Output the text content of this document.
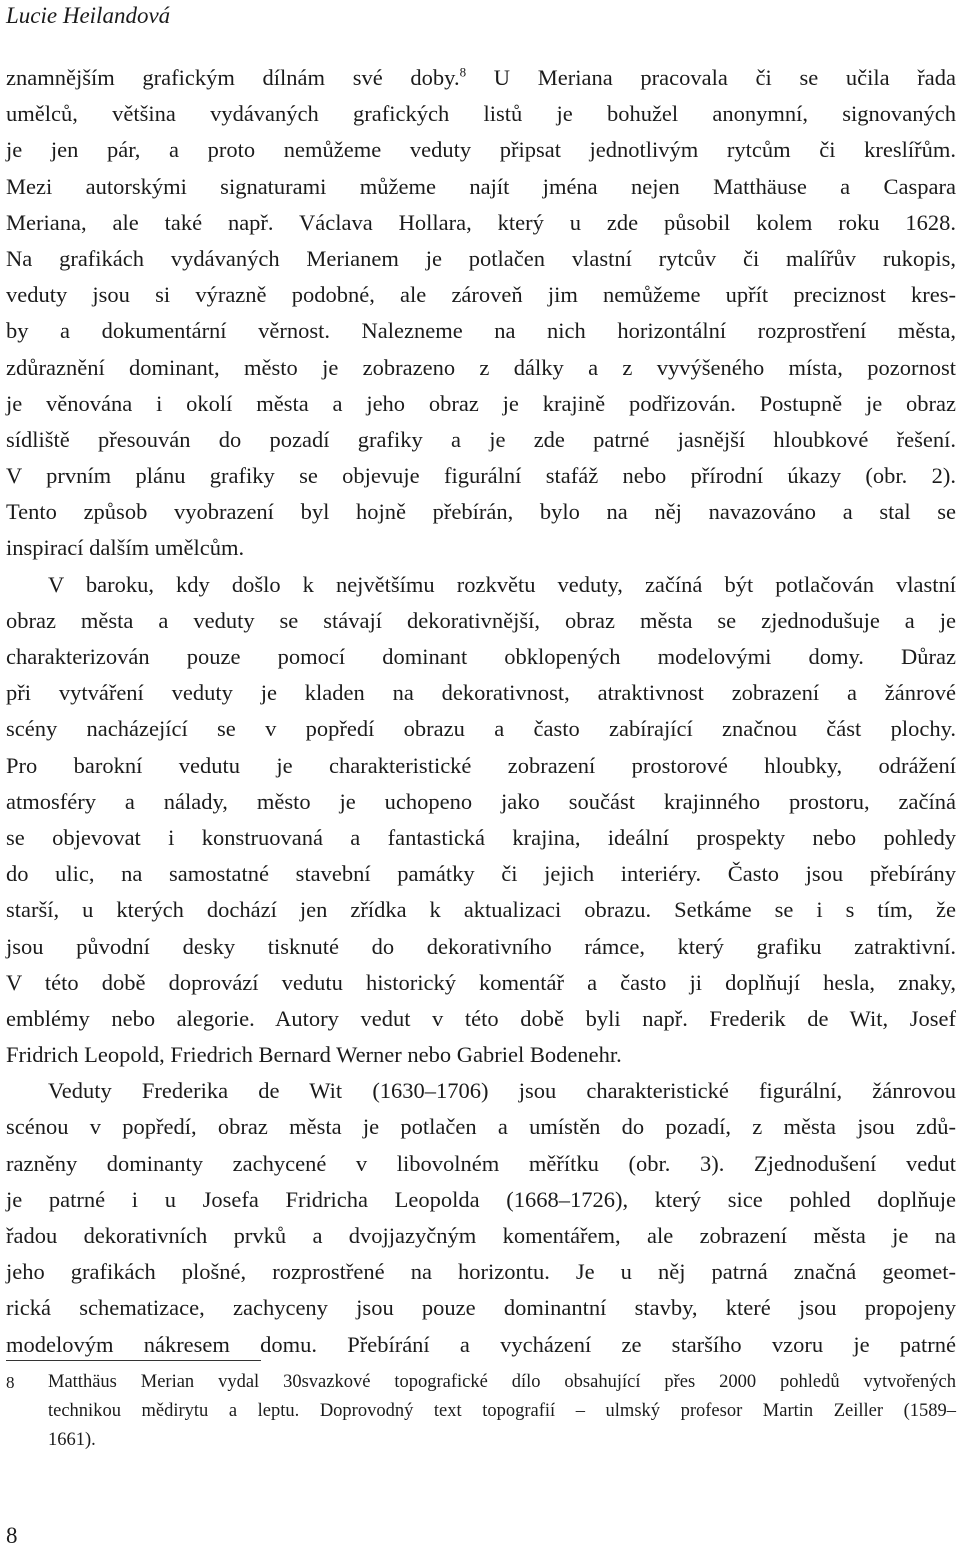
Lucie Heilandová
znamnějším grafickým dílnám své doby.$^8$ U Meriana pracovala či se učila řada
umělců, většina vydávaných grafických listů je bohužel anonymní, signovaných
je jen pár, a proto nemůžeme veduty připsat jednotlivým rytcům či kreslířům.
Mezi autorskými signaturami můžeme najít jména nejen Matthäuse a Caspara
Meriana, ale také např. Václava Hollara, který u zde působil kolem roku 1628.
Na grafikách vydávaných Merianem je potlačen vlastní rytcův či malířův rukopis,
veduty jsou si výrazně podobné, ale zároveň jim nemůžeme upřít preciznost kres-
by a dokumentární věrnost. Nalezneme na nich horizontální rozprostření města,
zdůraznění dominant, město je zobrazeno z dálky a z vyvýšeného místa, pozornost
je věnována i okolí města a jeho obraz je krajině podřizován. Postupně je obraz
sídliště přesouván do pozadí grafiky a je zde patrné jasnější hloubkové řešení.
V prvním plánu grafiky se objevuje figurální stafáž nebo přírodní úkazy (obr. 2).
Tento způsob vyobrazení byl hojně přebírán, bylo na něj navazováno a stal se
inspirací dalším umělcům.
V baroku, kdy došlo k největšímu rozkvětu veduty, začíná být potlačován vlastní
obraz města a veduty se stávají dekorativnější, obraz města se zjednodušuje a je
charakterizován pouze pomocí dominant obklopených modelovými domy. Důraz
při vytváření veduty je kladen na dekorativnost, atraktivnost zobrazení a žánrové
scény nacházející se v popředí obrazu a často zabírající značnou část plochy.
Pro barokní vedutu je charakteristické zobrazení prostorové hloubky, odrážení
atmosféry a nálady, město je uchopeno jako součást krajinného prostoru, začíná
se objevovat i konstruovaná a fantastická krajina, ideální prospekty nebo pohledy
do ulic, na samostatné stavební památky či jejich interiéry. Často jsou přebírány
starší, u kterých dochází jen zřídka k aktualizaci obrazu. Setkáme se i s tím, že
jsou původní desky tisknuté do dekorativního rámce, který grafiku zatraktivní.
V této době doprovází vedutu historický komentář a často ji doplňují hesla, znaky,
emblémy nebo alegorie. Autory vedut v této době byli např. Frederik de Wit, Josef
Fridrich Leopold, Friedrich Bernard Werner nebo Gabriel Bodenehr.
Veduty Frederika de Wit (1630–1706) jsou charakteristické figurální, žánrovou
scénou v popředí, obraz města je potlačen a umístěn do pozadí, z města jsou zdů-
razněny dominanty zachycené v libovolném měřítku (obr. 3). Zjednodušení vedut
je patrné i u Josefa Fridricha Leopolda (1668–1726), který sice pohled doplňuje
řadou dekorativních prvků a dvojjazyčným komentářem, ale zobrazení města je na
jeho grafikách plošné, rozprostřené na horizontu. Je u něj patrná značná geomet-
rická schematizace, zachyceny jsou pouze dominantní stavby, které jsou propojeny
modelovým nákresem domu. Přebírání a vycházení ze staršího vzoru je patrné
8 Matthäus Merian vydal 30svazkové topografické dílo obsahující přes 2000 pohledů vytvořených
technikou mědirytu a leptu. Doprovodný text topografií – ulmský profesor Martin Zeiller (1589–
1661).
8
